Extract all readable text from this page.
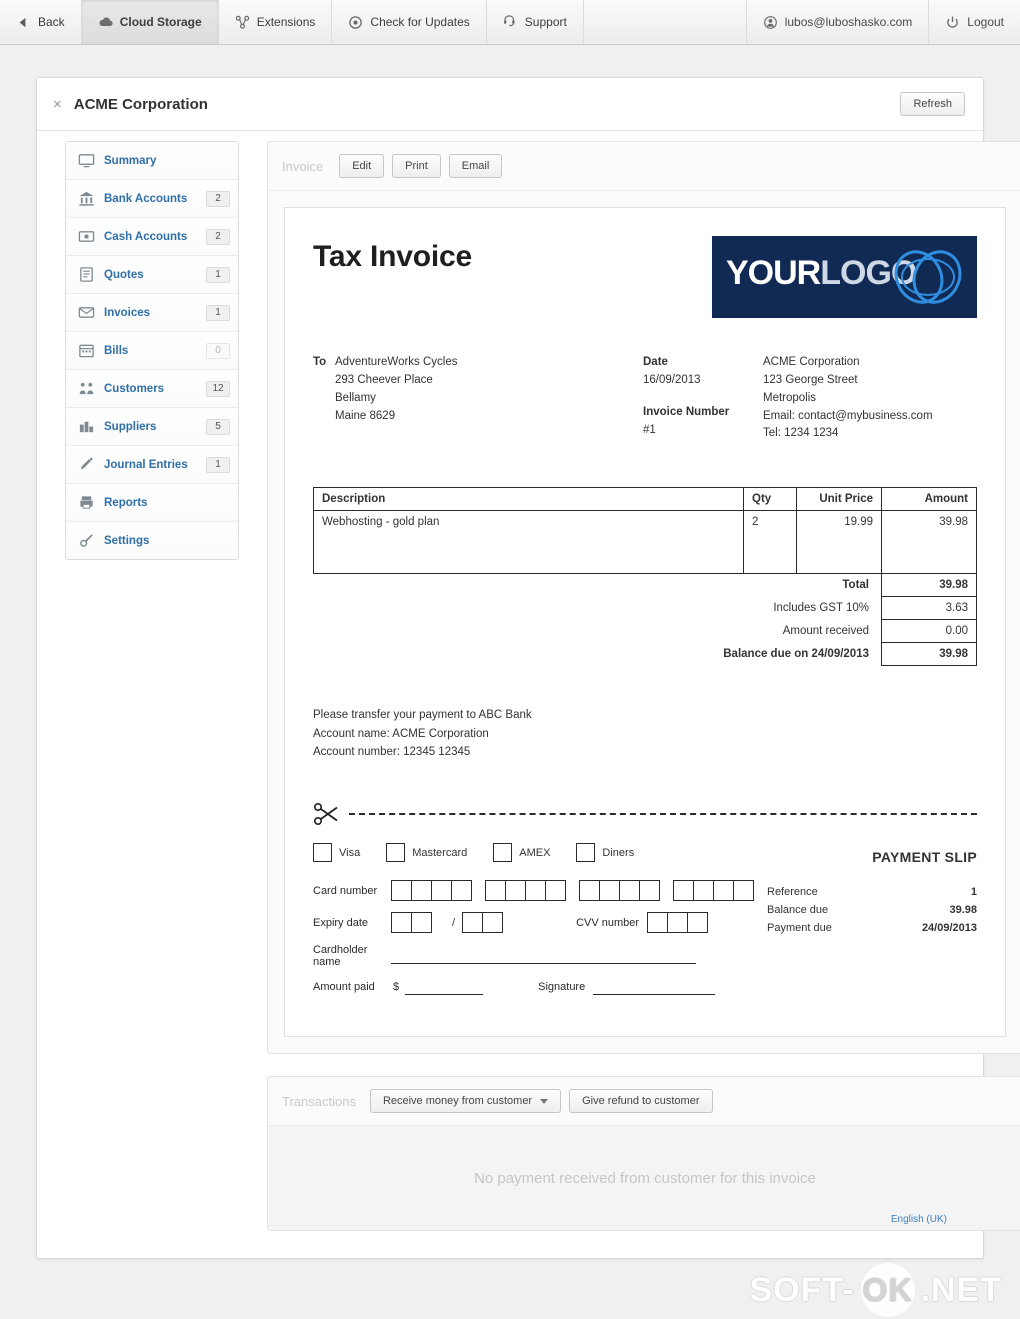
Back	Cloud Storage	Extensions	Check for Updates	Support	lubos@luboshasko.com	Logout
× ACME Corporation	Refresh
Summary
Bank Accounts	2
Cash Accounts	2
Quotes	1
Invoices	1
Bills	0
Customers	12
Suppliers	5
Journal Entries	1
Reports
Settings
Invoice	Edit	Print	Email
Tax Invoice	YOURLOGO
To AdventureWorks Cycles
293 Cheever Place
Bellamy
Maine 8629
Date
16/09/2013
Invoice Number
#1
ACME Corporation
123 George Street
Metropolis
Email: contact@mybusiness.com
Tel: 1234 1234
Description	Qty	Unit Price	Amount
Webhosting - gold plan	2	19.99	39.98
Total	39.98
Includes GST 10%	3.63
Amount received	0.00
Balance due on 24/09/2013	39.98
Please transfer your payment to ABC Bank
Account name: ACME Corporation
Account number: 12345 12345
Visa	Mastercard	AMEX	Diners
Card number
Expiry date	/	CVV number
Cardholder name
Amount paid	$	Signature
PAYMENT SLIP
Reference	1
Balance due	39.98
Payment due	24/09/2013
Transactions Receive money from customer	Give refund to customer
No payment received from customer for this invoice
English (UK)
SOFT- OK .NET
